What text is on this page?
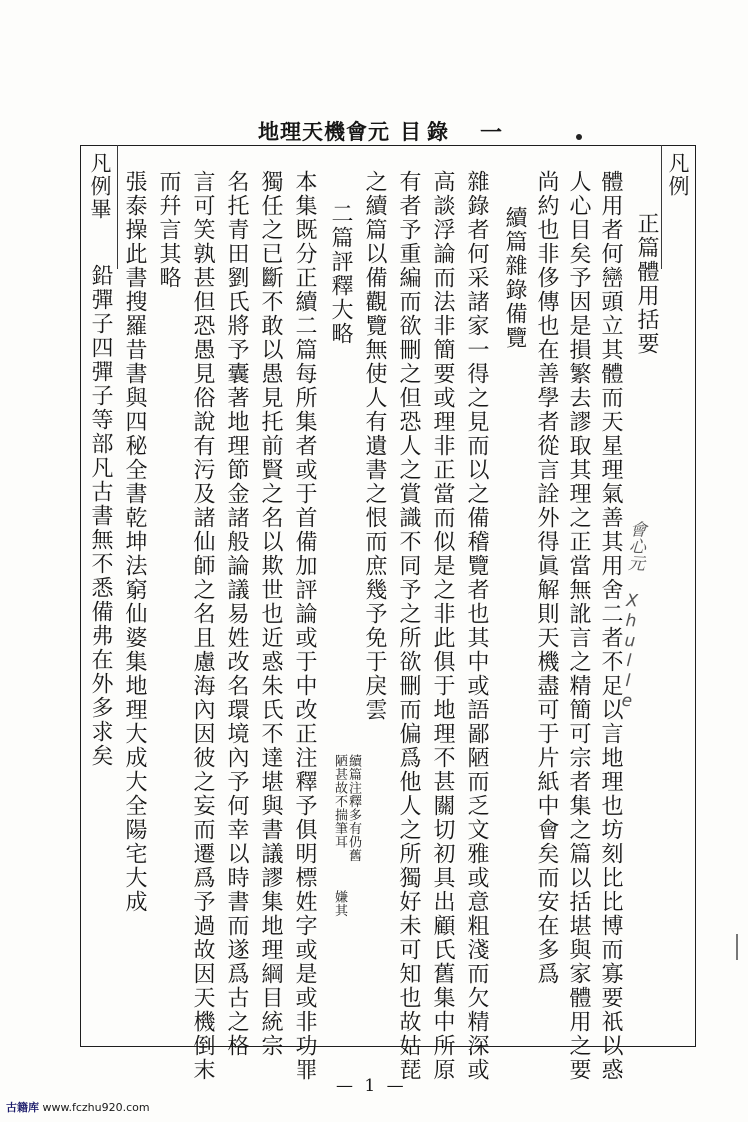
地理天機會元 目錄 一
凡例
正篇體用括要
體用者何巒頭立其體而天星理氣善其用舍二者不足以言地理也坊刻比比博而寡要祇以惑
人心目矣予因是損繁去謬取其理之正當無訛言之精簡可宗者集之篇以括堪與家體用之要
尚約也非侈傳也在善學者從言詮外得眞解則天機盡可于片紙中會矣而安在多爲
續篇雜錄備覽
雜錄者何采諸家一得之見而以之備稽覽者也其中或語鄙陋而乏文雅或意粗淺而欠精深或
高談浮論而法非簡要或理非正當而似是之非此俱于地理不甚關切初具出顧氏舊集中所原
有者予重編而欲刪之但恐人之賞識不同予之所欲刪而偏爲他人之所獨好未可知也故姑琵
之續篇以備觀覽無使人有遺書之恨而庶幾予免于戾雲
續篇注釋多有仍舊
陋甚故不揣筆耳
嫌其
二篇評釋大略
本集既分正續二篇每所集者或于首備加評論或于中改正注釋予俱明標姓字或是或非功罪
獨任之已斷不敢以愚見托前賢之名以欺世也近惑朱氏不達堪與書議謬集地理綱目統宗
名托青田劉氏將予囊著地理節金諸般論議易姓改名環境內予何幸以時書而遂爲古之格
言可笑孰甚但恐愚見俗說有污及諸仙師之名且慮海內因彼之妄而遷爲予過故因天機倒末
而幷言其略
張泰操此書搜羅昔書與四秘全書乾坤法窮仙婆集地理大成大全陽宅大成
凡例畢
鉛彈子四彈子等部凡古書無不悉備弗在外多求矣	會心元 Xhulle
— 1 —
古籍库 www.fczhu920.com
